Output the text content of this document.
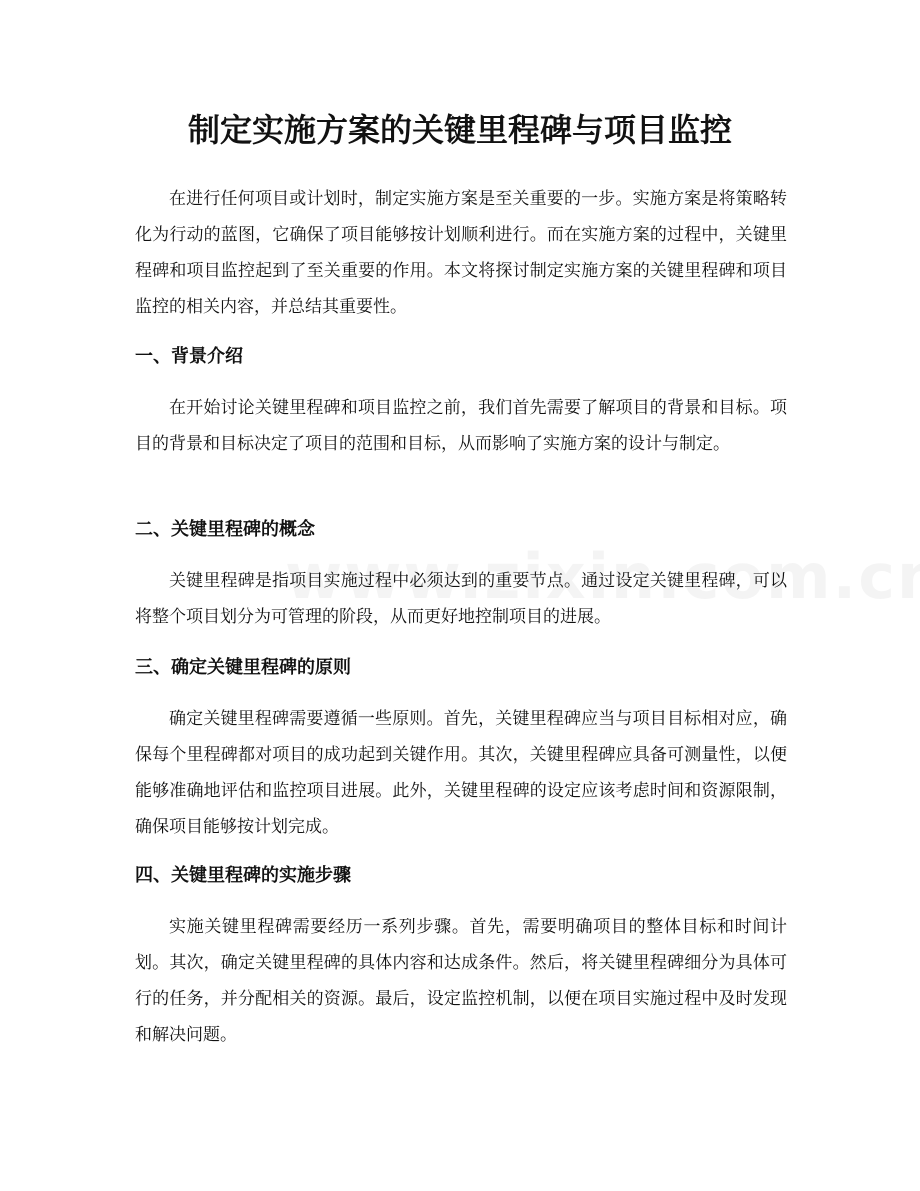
制定实施方案的关键里程碑与项目监控

在进行任何项目或计划时，制定实施方案是至关重要的一步。实施方案是将策略转化为行动的蓝图，它确保了项目能够按计划顺利进行。而在实施方案的过程中，关键里程碑和项目监控起到了至关重要的作用。本文将探讨制定实施方案的关键里程碑和项目监控的相关内容，并总结其重要性。

一、背景介绍

在开始讨论关键里程碑和项目监控之前，我们首先需要了解项目的背景和目标。项目的背景和目标决定了项目的范围和目标，从而影响了实施方案的设计与制定。

二、关键里程碑的概念

关键里程碑是指项目实施过程中必须达到的重要节点。通过设定关键里程碑，可以将整个项目划分为可管理的阶段，从而更好地控制项目的进展。

三、确定关键里程碑的原则

确定关键里程碑需要遵循一些原则。首先，关键里程碑应当与项目目标相对应，确保每个里程碑都对项目的成功起到关键作用。其次，关键里程碑应具备可测量性，以便能够准确地评估和监控项目进展。此外，关键里程碑的设定应该考虑时间和资源限制，确保项目能够按计划完成。

四、关键里程碑的实施步骤

实施关键里程碑需要经历一系列步骤。首先，需要明确项目的整体目标和时间计划。其次，确定关键里程碑的具体内容和达成条件。然后，将关键里程碑细分为具体可行的任务，并分配相关的资源。最后，设定监控机制，以便在项目实施过程中及时发现和解决问题。
